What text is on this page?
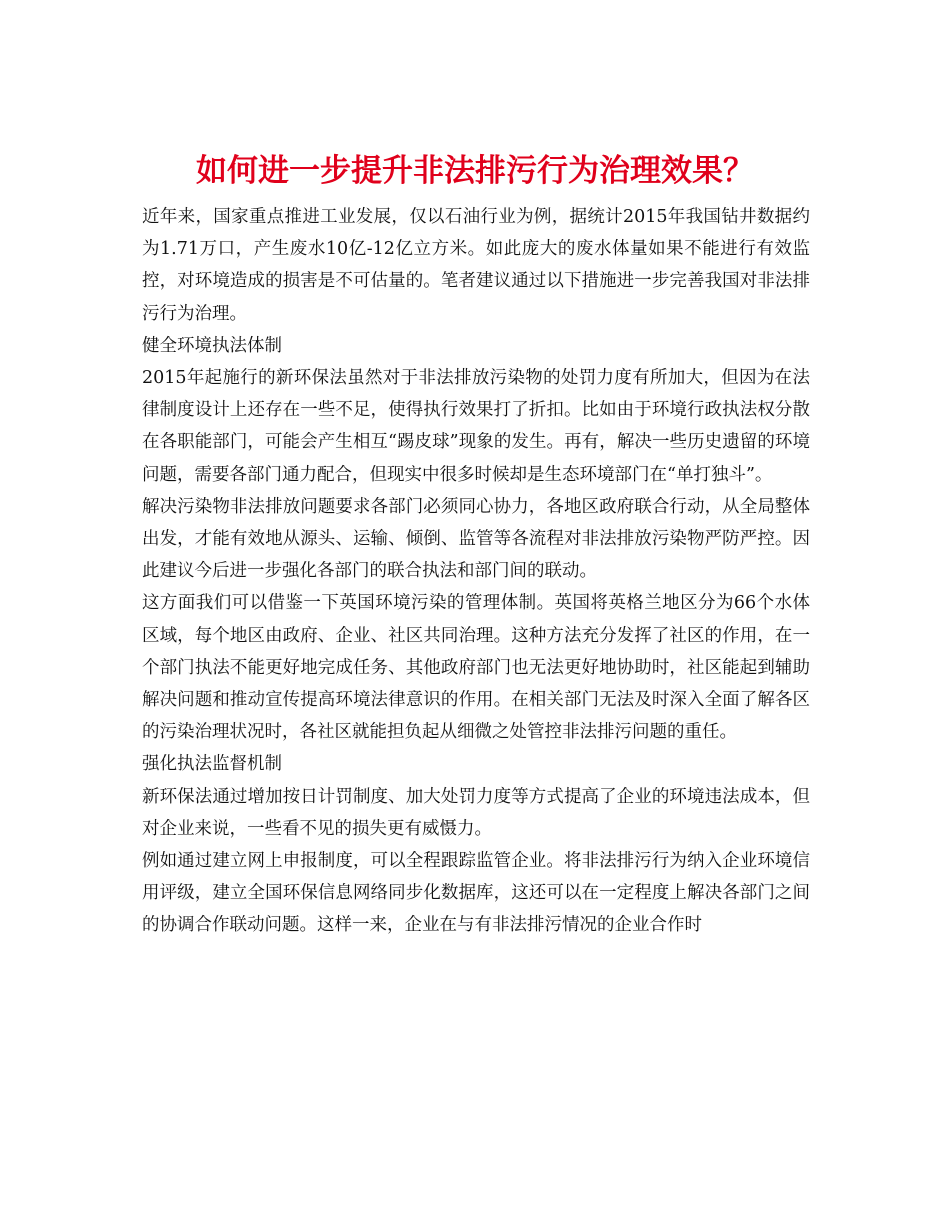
如何进一步提升非法排污行为治理效果？

近年来，国家重点推进工业发展，仅以石油行业为例，据统计2015年我国钻井数据约为1.71万口，产生废水10亿-12亿立方米。如此庞大的废水体量如果不能进行有效监控，对环境造成的损害是不可估量的。笔者建议通过以下措施进一步完善我国对非法排污行为治理。

健全环境执法体制

2015年起施行的新环保法虽然对于非法排放污染物的处罚力度有所加大，但因为在法律制度设计上还存在一些不足，使得执行效果打了折扣。比如由于环境行政执法权分散在各职能部门，可能会产生相互“踢皮球”现象的发生。再有，解决一些历史遗留的环境问题，需要各部门通力配合，但现实中很多时候却是生态环境部门在“单打独斗”。

解决污染物非法排放问题要求各部门必须同心协力，各地区政府联合行动，从全局整体出发，才能有效地从源头、运输、倾倒、监管等各流程对非法排放污染物严防严控。因此建议今后进一步强化各部门的联合执法和部门间的联动。

这方面我们可以借鉴一下英国环境污染的管理体制。英国将英格兰地区分为66个水体区域，每个地区由政府、企业、社区共同治理。这种方法充分发挥了社区的作用，在一个部门执法不能更好地完成任务、其他政府部门也无法更好地协助时，社区能起到辅助解决问题和推动宣传提高环境法律意识的作用。在相关部门无法及时深入全面了解各区的污染治理状况时，各社区就能担负起从细微之处管控非法排污问题的重任。

强化执法监督机制

新环保法通过增加按日计罚制度、加大处罚力度等方式提高了企业的环境违法成本，但对企业来说，一些看不见的损失更有威慑力。

例如通过建立网上申报制度，可以全程跟踪监管企业。将非法排污行为纳入企业环境信用评级，建立全国环保信息网络同步化数据库，这还可以在一定程度上解决各部门之间的协调合作联动问题。这样一来，企业在与有非法排污情况的企业合作时
